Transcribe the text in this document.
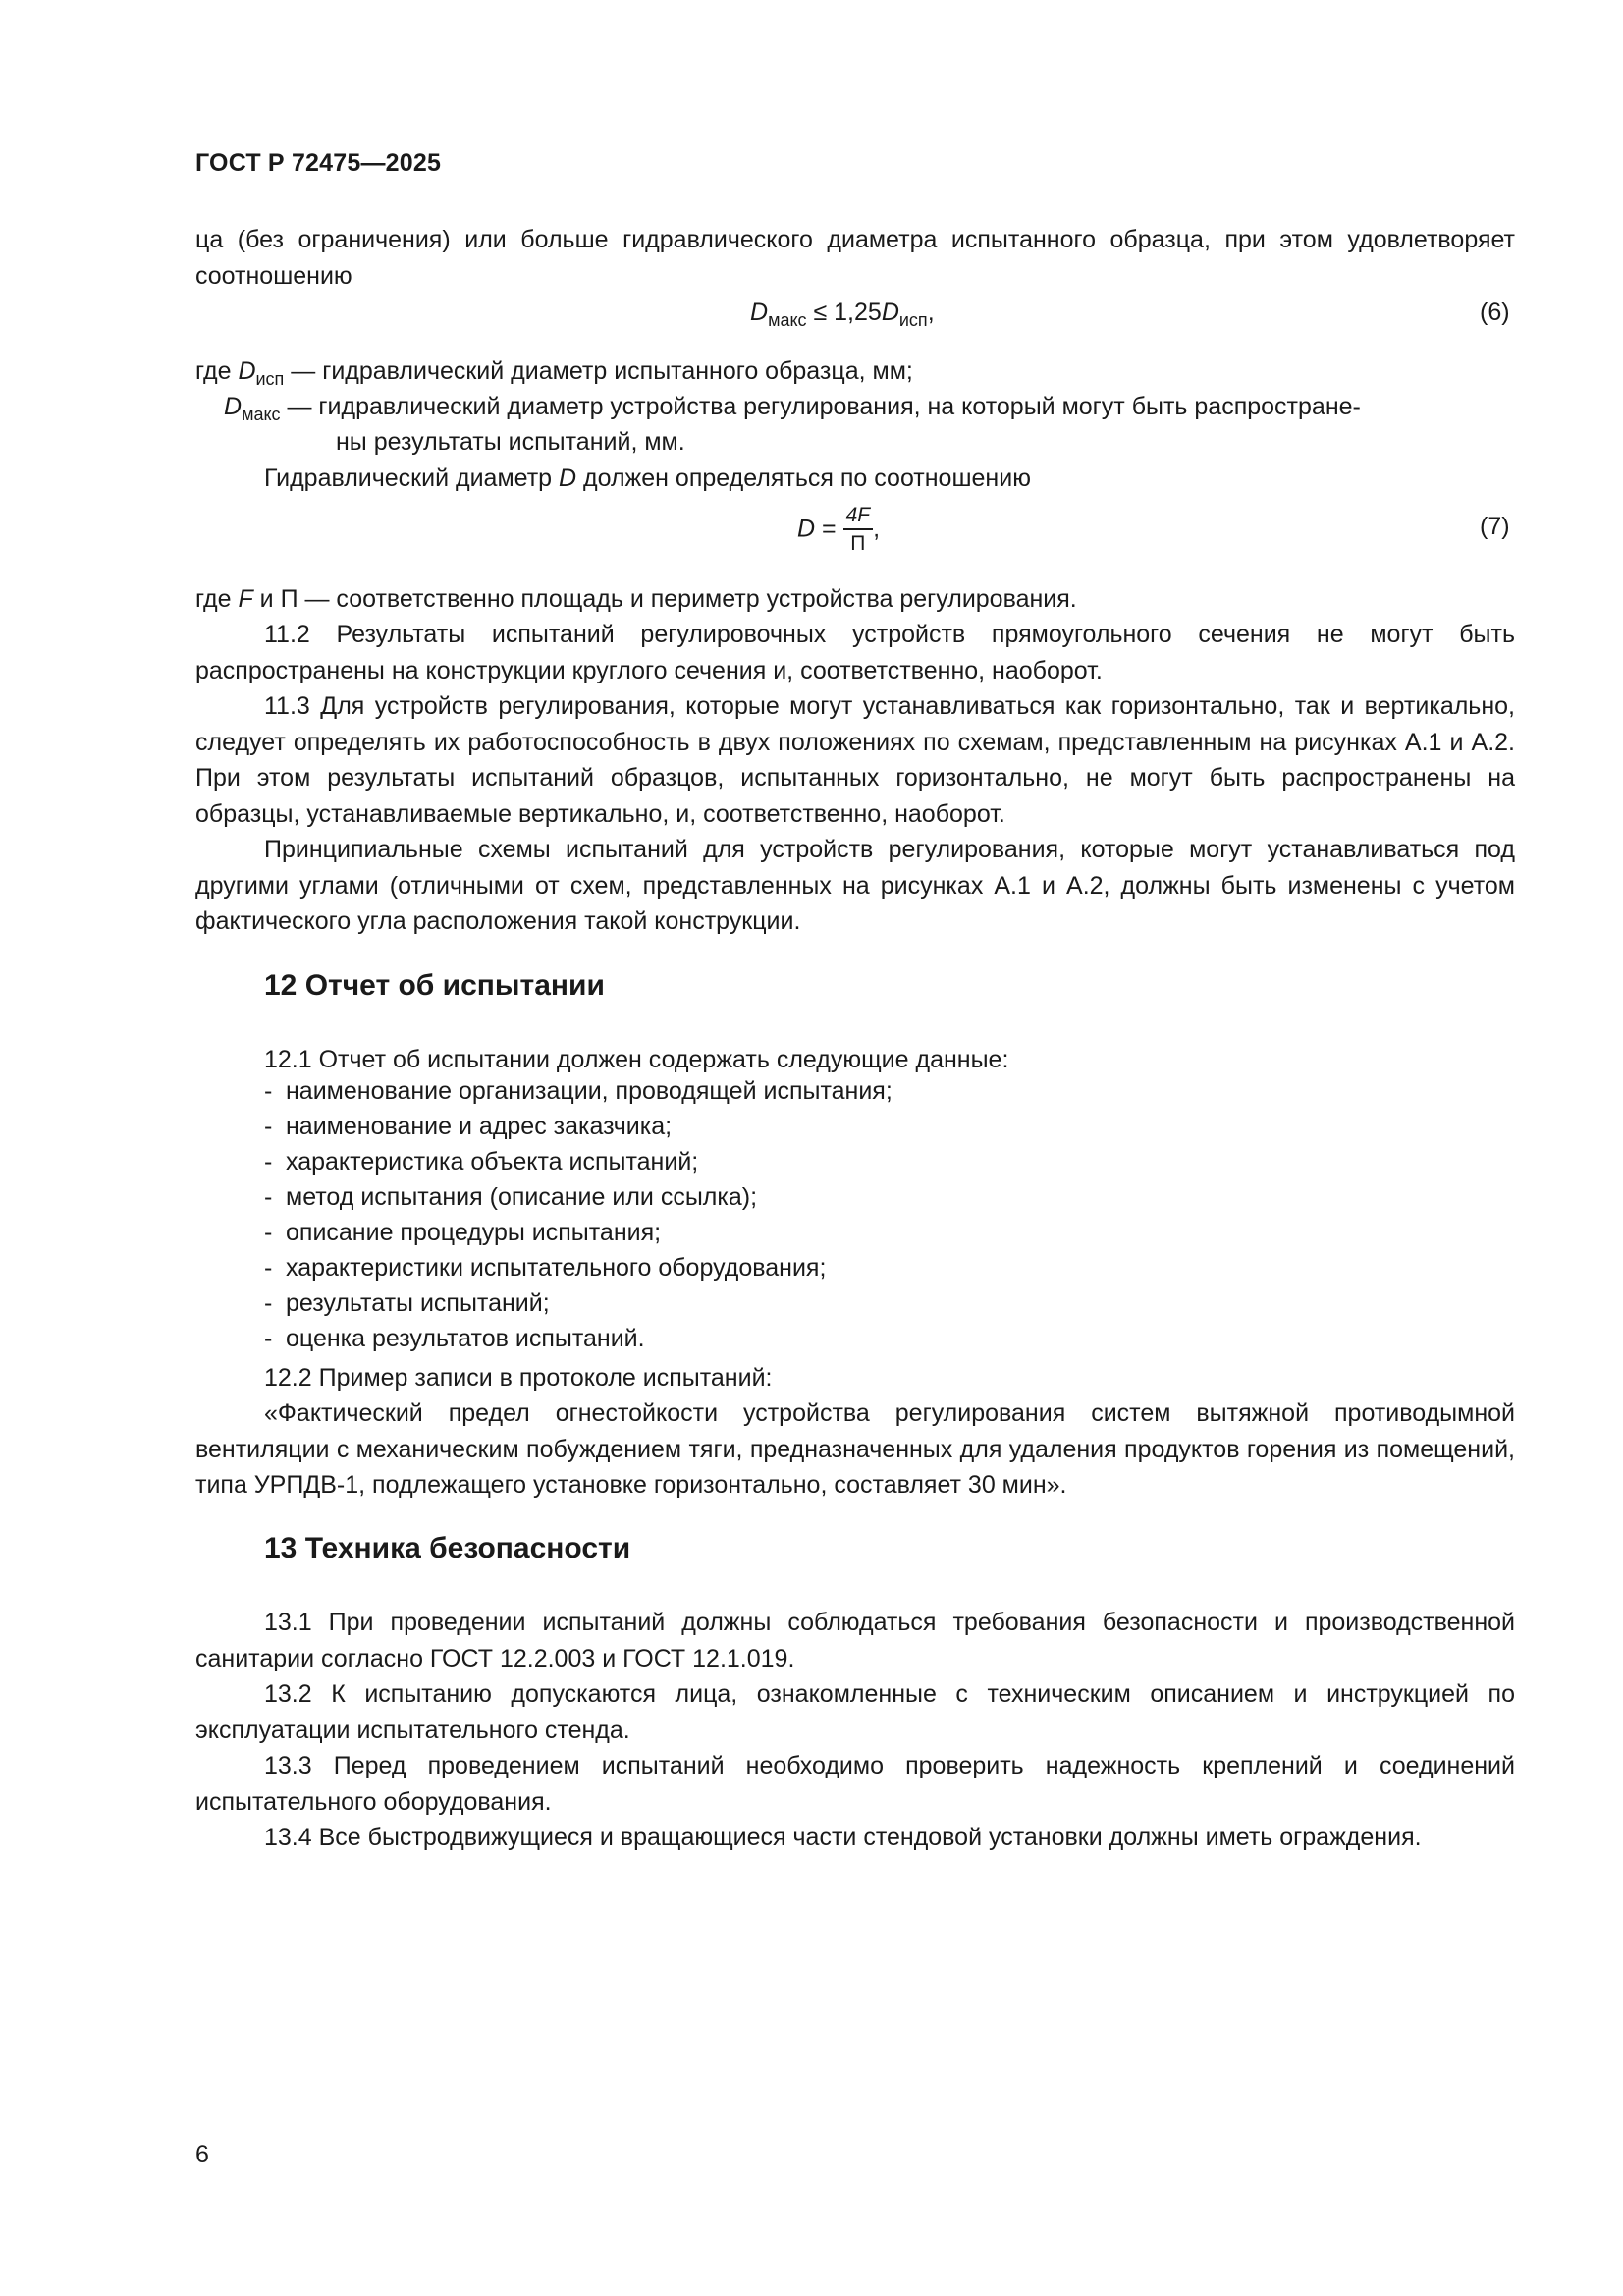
ГОСТ Р 72475—2025
ца (без ограничения) или больше гидравлического диаметра испытанного образца, при этом удовлетворяет соотношению
$D_{макс} \le 1,25D_{исп}$,	(6)
где $D_{исп}$ — гидравлический диаметр испытанного образца, мм;
$D_{макс}$ — гидравлический диаметр устройства регулирования, на который могут быть распростране-
ны результаты испытаний, мм.
Гидравлический диаметр D должен определяться по соотношению
$D = \frac{4F}{П}$ ,	(7)
где F и П — соответственно площадь и периметр устройства регулирования.
11.2 Результаты испытаний регулировочных устройств прямоугольного сечения не могут быть распространены на конструкции круглого сечения и, соответственно, наоборот.
11.3 Для устройств регулирования, которые могут устанавливаться как горизонтально, так и вертикально, следует определять их работоспособность в двух положениях по схемам, представленным на рисунках А.1 и А.2. При этом результаты испытаний образцов, испытанных горизонтально, не могут быть распространены на образцы, устанавливаемые вертикально, и, соответственно, наоборот.
Принципиальные схемы испытаний для устройств регулирования, которые могут устанавливаться под другими углами (отличными от схем, представленных на рисунках А.1 и А.2, должны быть изменены с учетом фактического угла расположения такой конструкции.
12 Отчет об испытании
12.1 Отчет об испытании должен содержать следующие данные:
- наименование организации, проводящей испытания;
- наименование и адрес заказчика;
- характеристика объекта испытаний;
- метод испытания (описание или ссылка);
- описание процедуры испытания;
- характеристики испытательного оборудования;
- результаты испытаний;
- оценка результатов испытаний.
12.2 Пример записи в протоколе испытаний:
«Фактический предел огнестойкости устройства регулирования систем вытяжной противодымной вентиляции с механическим побуждением тяги, предназначенных для удаления продуктов горения из помещений, типа УРПДВ-1, подлежащего установке горизонтально, составляет 30 мин».
13 Техника безопасности
13.1 При проведении испытаний должны соблюдаться требования безопасности и производственной санитарии согласно ГОСТ 12.2.003 и ГОСТ 12.1.019.
13.2 К испытанию допускаются лица, ознакомленные с техническим описанием и инструкцией по эксплуатации испытательного стенда.
13.3 Перед проведением испытаний необходимо проверить надежность креплений и соединений испытательного оборудования.
13.4 Все быстродвижущиеся и вращающиеся части стендовой установки должны иметь ограждения.
6
